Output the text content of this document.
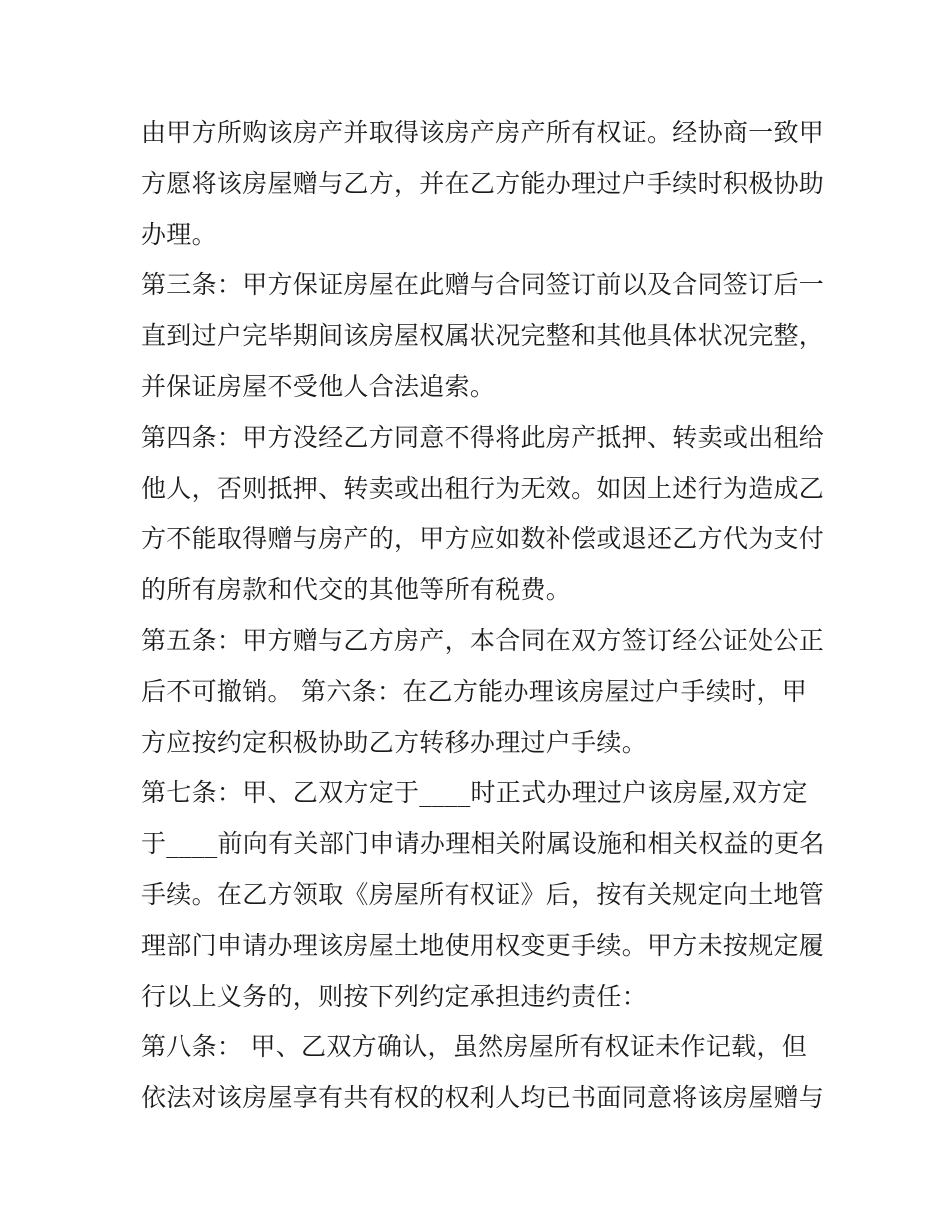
由甲方所购该房产并取得该房产房产所有权证。经协商一致甲
方愿将该房屋赠与乙方，并在乙方能办理过户手续时积极协助
办理。
第三条：甲方保证房屋在此赠与合同签订前以及合同签订后一
直到过户完毕期间该房屋权属状况完整和其他具体状况完整，
并保证房屋不受他人合法追索。
第四条：甲方没经乙方同意不得将此房产抵押、转卖或出租给
他人，否则抵押、转卖或出租行为无效。如因上述行为造成乙
方不能取得赠与房产的，甲方应如数补偿或退还乙方代为支付
的所有房款和代交的其他等所有税费。
第五条：甲方赠与乙方房产，本合同在双方签订经公证处公正
后不可撤销。 第六条：在乙方能办理该房屋过户手续时，甲
方应按约定积极协助乙方转移办理过户手续。
第七条：甲、乙双方定于____时正式办理过户该房屋,双方定
于____前向有关部门申请办理相关附属设施和相关权益的更名
手续。在乙方领取《房屋所有权证》后，按有关规定向土地管
理部门申请办理该房屋土地使用权变更手续。甲方未按规定履
行以上义务的，则按下列约定承担违约责任：
第八条： 甲、乙双方确认，虽然房屋所有权证未作记载，但
依法对该房屋享有共有权的权利人均已书面同意将该房屋赠与
